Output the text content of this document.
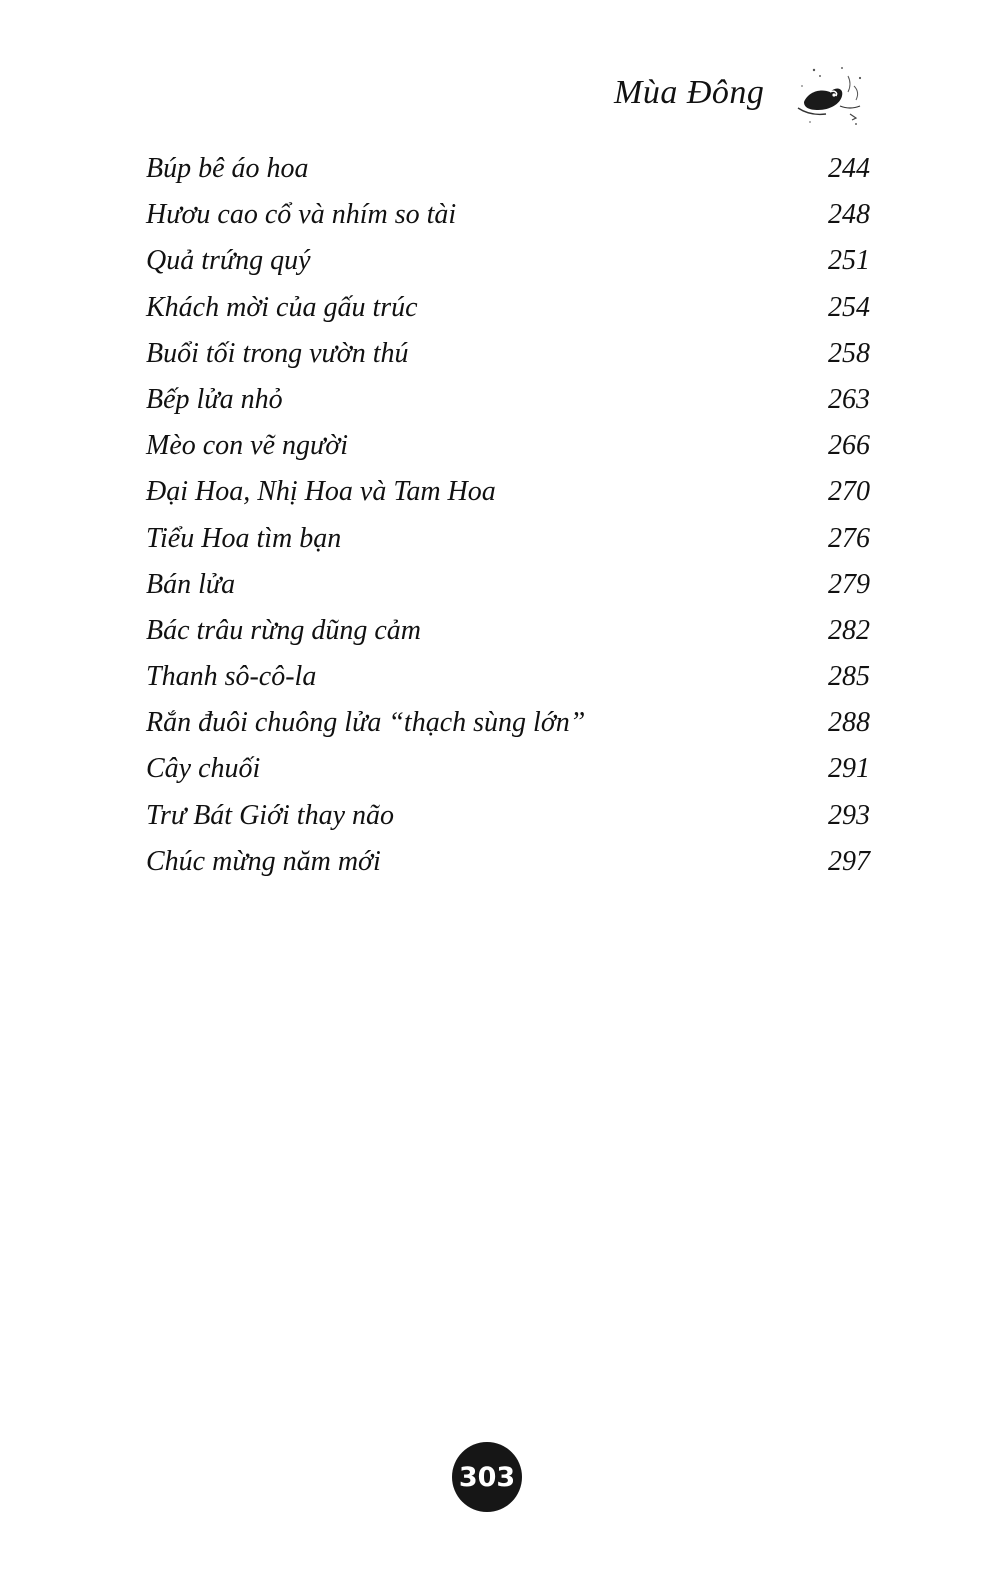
Mùa Đông
Búp bê áo hoa	244
Hươu cao cổ và nhím so tài	248
Quả trứng quý	251
Khách mời của gấu trúc	254
Buổi tối trong vườn thú	258
Bếp lửa nhỏ	263
Mèo con vẽ người	266
Đại Hoa, Nhị Hoa và Tam Hoa	270
Tiểu Hoa tìm bạn	276
Bán lửa	279
Bác trâu rừng dũng cảm	282
Thanh sô-cô-la	285
Rắn đuôi chuông lửa “thạch sùng lớn”	288
Cây chuối	291
Trư Bát Giới thay não	293
Chúc mừng năm mới	297
303
